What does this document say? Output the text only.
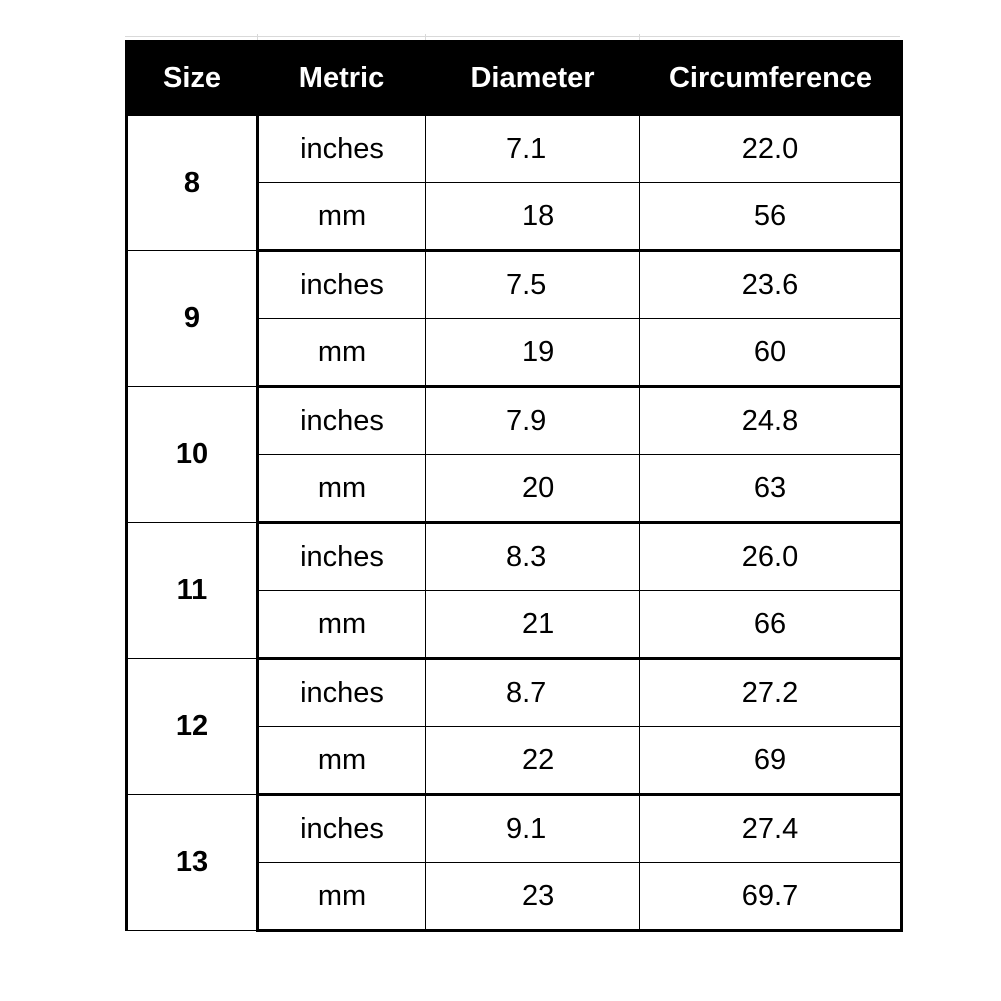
Size	Metric	Diameter	Circumference
8	inches	7.1	22.0
	mm	18	56
9	inches	7.5	23.6
	mm	19	60
10	inches	7.9	24.8
	mm	20	63
11	inches	8.3	26.0
	mm	21	66
12	inches	8.7	27.2
	mm	22	69
13	inches	9.1	27.4
	mm	23	69.7
